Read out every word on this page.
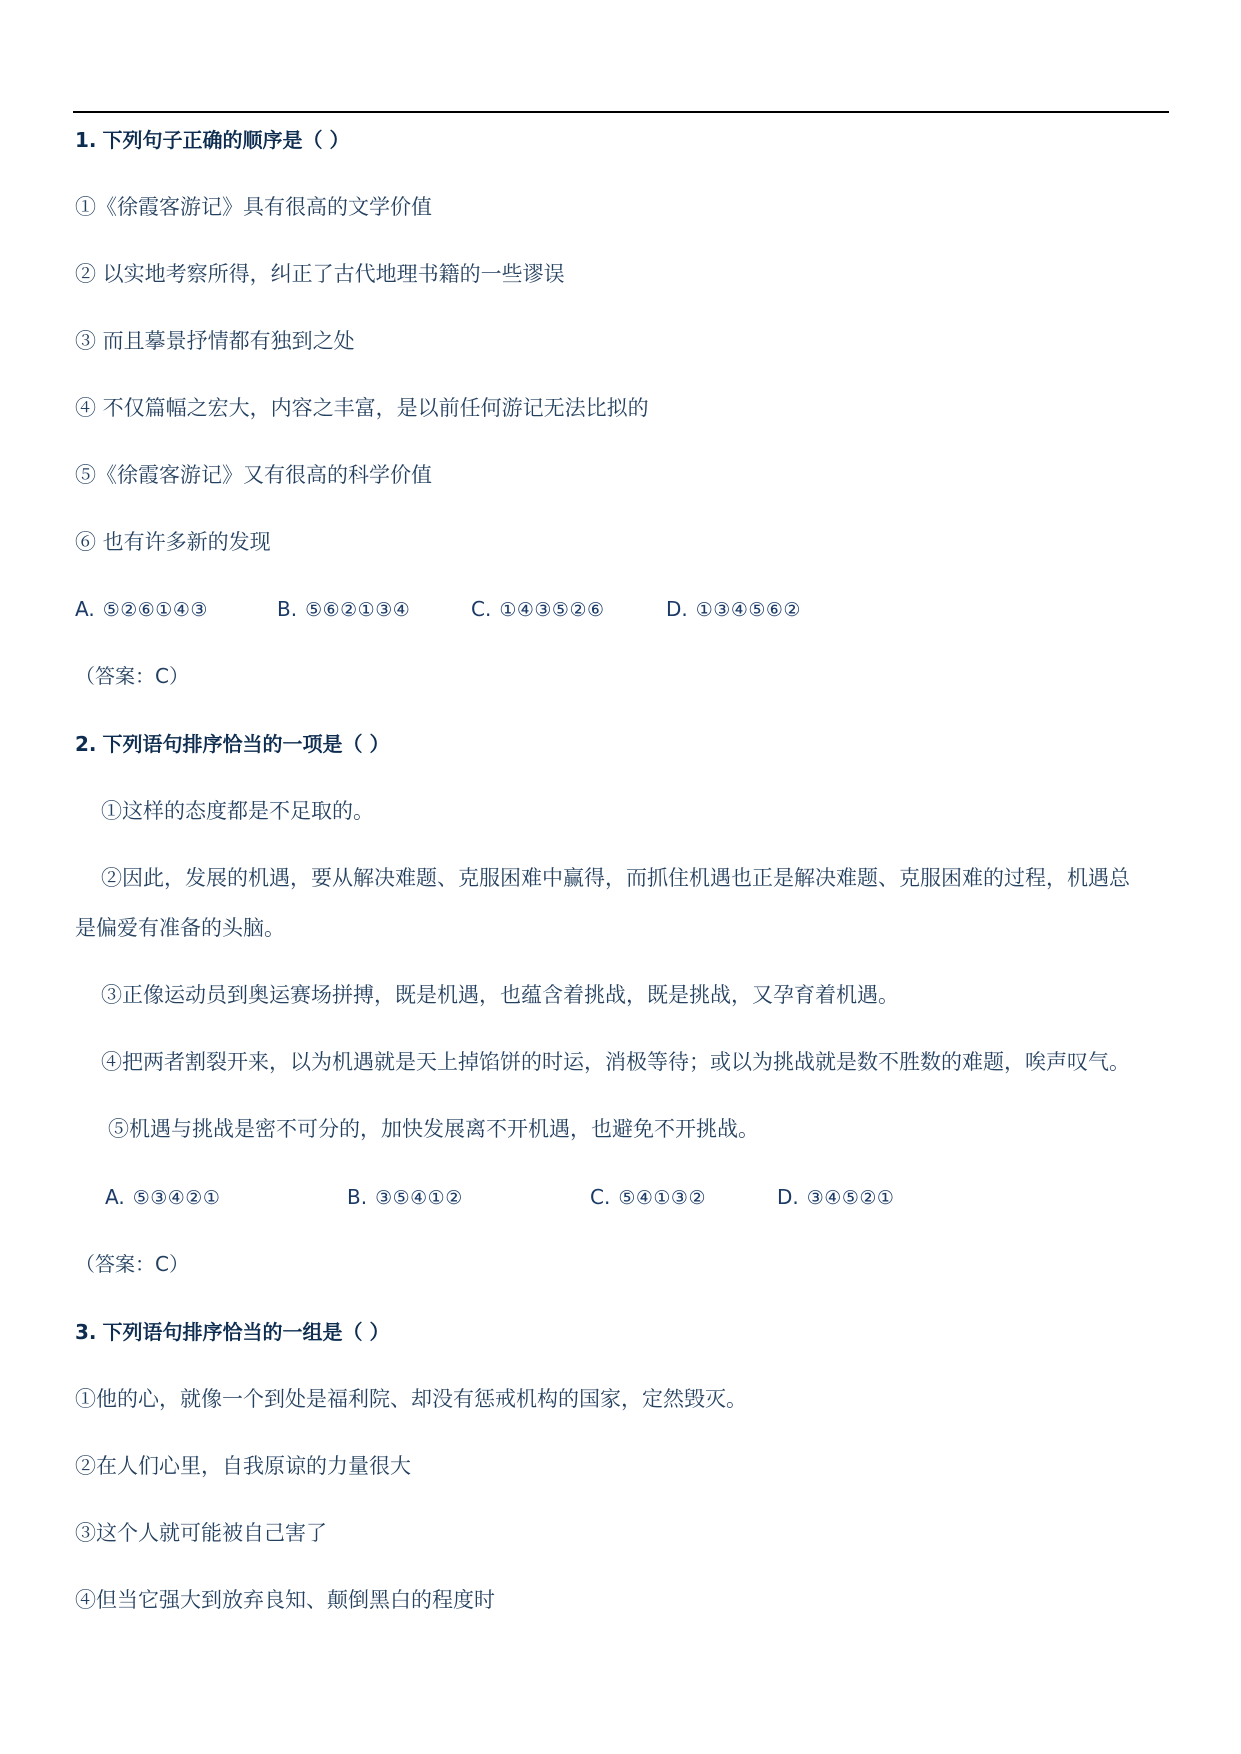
1. 下列句子正确的顺序是（ ）
①《徐霞客游记》具有很高的文学价值
② 以实地考察所得，纠正了古代地理书籍的一些谬误
③ 而且摹景抒情都有独到之处
④ 不仅篇幅之宏大，内容之丰富，是以前任何游记无法比拟的
⑤《徐霞客游记》又有很高的科学价值
⑥ 也有许多新的发现
A. ⑤②⑥①④③	B. ⑤⑥②①③④	C. ①④③⑤②⑥	D. ①③④⑤⑥②
（答案：C）
2. 下列语句排序恰当的一项是（ ）
①这样的态度都是不足取的。
②因此，发展的机遇，要从解决难题、克服困难中赢得，而抓住机遇也正是解决难题、克服困难的过程，机遇总
是偏爱有准备的头脑。
③正像运动员到奥运赛场拼搏，既是机遇，也蕴含着挑战，既是挑战，又孕育着机遇。
④把两者割裂开来，以为机遇就是天上掉馅饼的时运，消极等待；或以为挑战就是数不胜数的难题，唉声叹气。
⑤机遇与挑战是密不可分的，加快发展离不开机遇，也避免不开挑战。
A. ⑤③④②①	B. ③⑤④①②	C. ⑤④①③②	D. ③④⑤②①
（答案：C）
3. 下列语句排序恰当的一组是（ ）
①他的心，就像一个到处是福利院、却没有惩戒机构的国家，定然毁灭。
②在人们心里，自我原谅的力量很大
③这个人就可能被自己害了
④但当它强大到放弃良知、颠倒黑白的程度时
